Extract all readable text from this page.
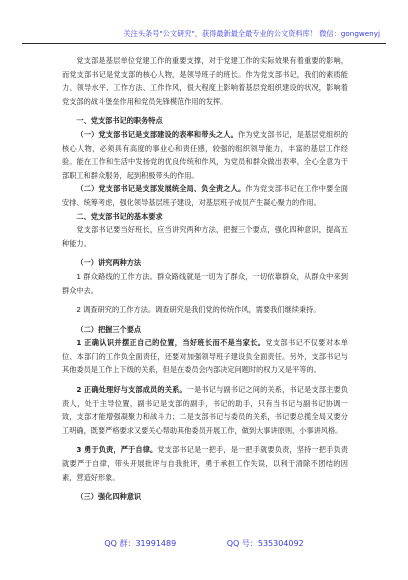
关注头条号"公文研究"，获得最新最全最专业的公文资料库！ 微信：gongwenyj

党支部是基层单位党建工作的重要支撑，对于党建工作的实际效果有着重要的影响，而党支部书记是党支部的核心人物，是领导班子的班长。作为党支部书记，我们的素质能力、领导水平、工作方法、工作作风，很大程度上影响着基层党组织建设的状况，影响着党支部的战斗堡垒作用和党员先锋模范作用的发挥。

一、党支部书记的职务特点

（一）党支部书记是支部建设的表率和带头之人。作为党支部书记，是基层党组织的核心人物，必须具有高度的事业心和责任感，较强的组织领导能力，丰富的基层工作经验。能在工作和生活中发扬党的优良传统和作风，为党员和群众做出表率，全心全意为干部职工和群众服务，起到积极带头的作用。

（二）党支部书记是支部发展统全局、负全责之人。作为党支部书记在工作中要全面安排、统筹考虑，强化领导基层班子建设，对基层班子成员产生凝心聚力的作用。

二、党支部书记的基本要求

党支部书记要当好班长，应当讲究两种方法，把握三个要点，强化四种意识，提高五种能力。

（一）讲究两种方法

1 群众路线的工作方法。群众路线就是一切为了群众，一切依靠群众，从群众中来到群众中去。

2 调查研究的工作方法。调查研究是我们党的传统作风，需要我们继续秉持。

（二）把握三个要点

1 正确认识并摆正自己的位置，当好班长而不是当家长。党支部书记不仅要对本单位、本部门的工作负全面责任，还要对加强领导班子建设负全面责任。另外，支部书记与其他委员是工作上下级的关系，但是在委员会内部决定问题时的权力又是平等的。

2 正确处理好与支部成员的关系。一是书记与副书记之间的关系，书记是支部主要负责人，处于主导位置，副书记是支部的副手，书记的助手，只有当书记与副书记协调一致，支部才能增强凝聚力和战斗力；二是支部书记与委员的关系，书记要总揽全局又要分工明确，既要严格要求又要关心帮助其他委员开展工作，做到大事讲原则，小事讲风格。

3 勇于负责，严于自律。党支部书记是一把手，是一把手就要负责，坚持一把手负责就要严于自律，带头开展批评与自我批评，勇于承担工作失误，以利于清除不团结的因素，营造好形象。

（三）强化四种意识

QQ 群：31991489	QQ 号：535304092
